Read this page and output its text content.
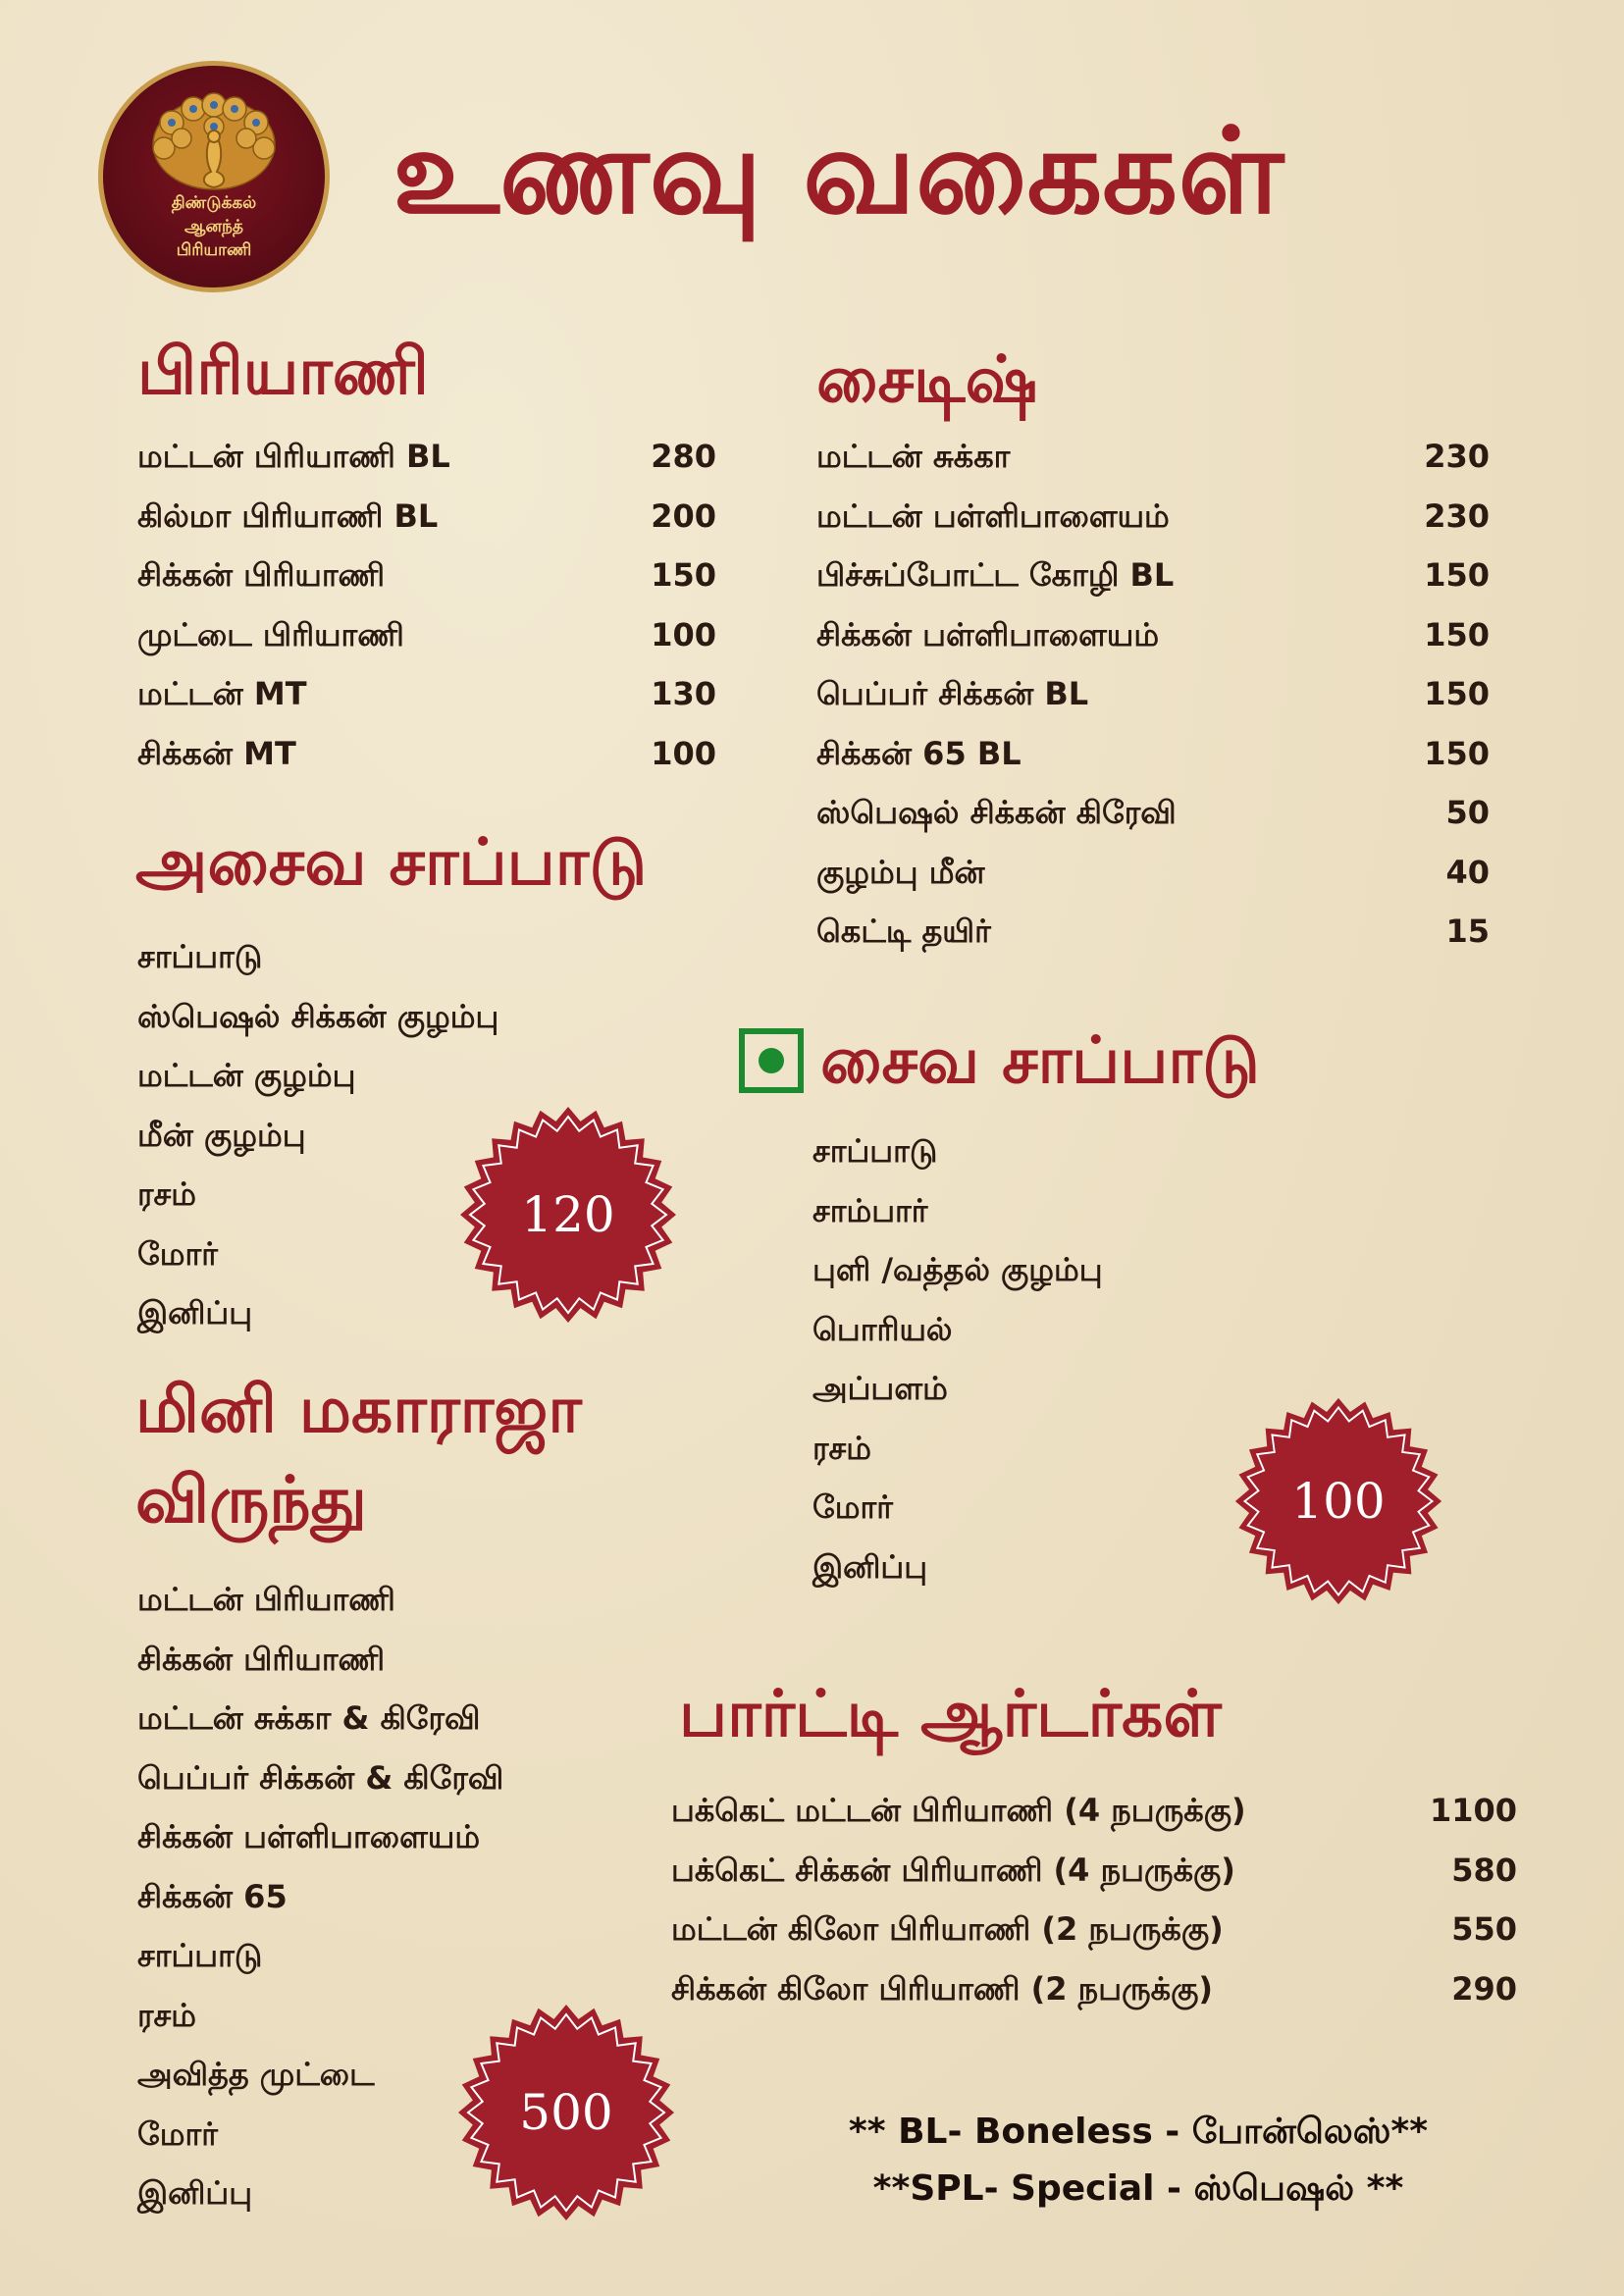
திண்டுக்கல்
ஆனந்த்
பிரியாணி
உணவு வகைகள்
பிரியாணி
மட்டன் பிரியாணி BL	280
கில்மா பிரியாணி BL	200
சிக்கன் பிரியாணி	150
முட்டை பிரியாணி	100
மட்டன் MT	130
சிக்கன் MT	100
சைடிஷ்
மட்டன் சுக்கா	230
மட்டன் பள்ளிபாளையம்	230
பிச்சுப்போட்ட கோழி BL	150
சிக்கன் பள்ளிபாளையம்	150
பெப்பர் சிக்கன் BL	150
சிக்கன் 65 BL	150
ஸ்பெஷல் சிக்கன் கிரேவி	50
குழம்பு மீன்	40
கெட்டி தயிர்	15
அசைவ சாப்பாடு
சாப்பாடு
ஸ்பெஷல் சிக்கன் குழம்பு
மட்டன் குழம்பு
மீன் குழம்பு
ரசம்
மோர்
இனிப்பு
120
சைவ சாப்பாடு
சாப்பாடு
சாம்பார்
புளி /வத்தல் குழம்பு
பொரியல்
அப்பளம்
ரசம்
மோர்
இனிப்பு
100
மினி மகாராஜா
விருந்து
மட்டன் பிரியாணி
சிக்கன் பிரியாணி
மட்டன் சுக்கா & கிரேவி
பெப்பர் சிக்கன் & கிரேவி
சிக்கன் பள்ளிபாளையம்
சிக்கன் 65
சாப்பாடு
ரசம்
அவித்த முட்டை
மோர்
இனிப்பு
500
பார்ட்டி ஆர்டர்கள்
பக்கெட் மட்டன் பிரியாணி (4 நபருக்கு)	1100
பக்கெட் சிக்கன் பிரியாணி (4 நபருக்கு)	580
மட்டன் கிலோ பிரியாணி (2 நபருக்கு)	550
சிக்கன் கிலோ பிரியாணி (2 நபருக்கு)	290
** BL- Boneless - போன்லெஸ்**
**SPL- Special - ஸ்பெஷல் **
